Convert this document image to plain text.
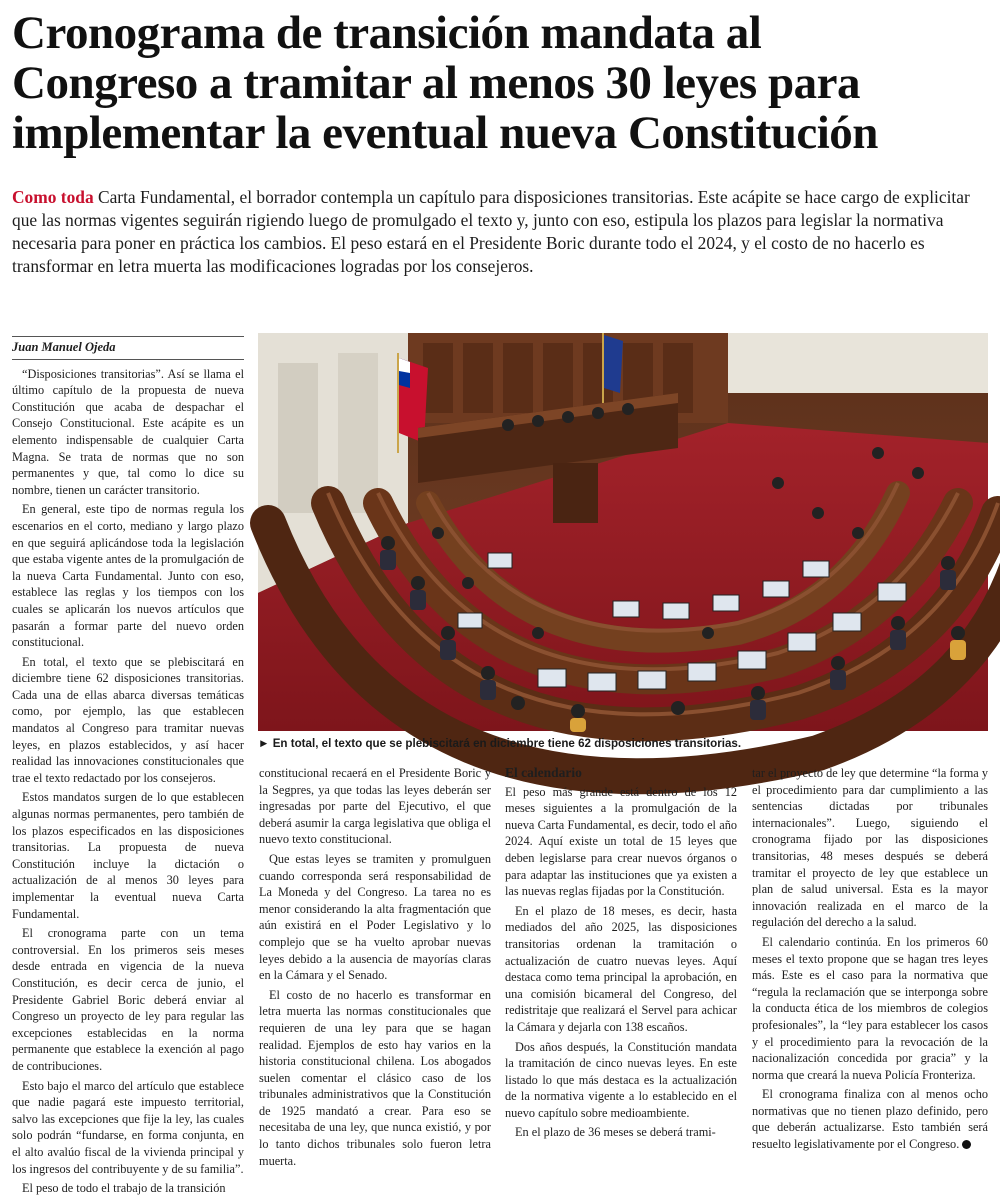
Cronograma de transición mandata al
Congreso a tramitar al menos 30 leyes para
implementar la eventual nueva Constitución

Como toda Carta Fundamental, el borrador contempla un capítulo para disposiciones transitorias. Este acápite se hace cargo de explicitar que las normas vigentes seguirán rigiendo luego de promulgado el texto y, junto con eso, estipula los plazos para legislar la normativa necesaria para poner en práctica los cambios. El peso estará en el Presidente Boric durante todo el 2024, y el costo de no hacerlo es transformar en letra muerta las modificaciones logradas por los consejeros.

Juan Manuel Ojeda

“Disposiciones transitorias”. Así se llama el último capítulo de la propuesta de nueva Constitución que acaba de despachar el Consejo Constitucional. Este acápite es un elemento indispensable de cualquier Carta Magna. Se trata de normas que no son permanentes y que, tal como lo dice su nombre, tienen un carácter transitorio.

En general, este tipo de normas regula los escenarios en el corto, mediano y largo plazo en que seguirá aplicándose toda la legislación que estaba vigente antes de la promulgación de la nueva Carta Fundamental. Junto con eso, establece las reglas y los tiempos con los cuales se aplicarán los nuevos artículos que pasarán a formar parte del nuevo orden constitucional.

En total, el texto que se plebiscitará en diciembre tiene 62 disposiciones transitorias. Cada una de ellas abarca diversas temáticas como, por ejemplo, las que establecen mandatos al Congreso para tramitar nuevas leyes, en plazos establecidos, y así hacer realidad las innovaciones constitucionales que trae el texto redactado por los consejeros.

Estos mandatos surgen de lo que establecen algunas normas permanentes, pero también de los plazos especificados en las disposiciones transitorias. La propuesta de nueva Constitución incluye la dictación o actualización de al menos 30 leyes para implementar la eventual nueva Carta Fundamental.

El cronograma parte con un tema controversial. En los primeros seis meses desde entrada en vigencia de la nueva Constitución, es decir cerca de junio, el Presidente Gabriel Boric deberá enviar al Congreso un proyecto de ley para regular las excepciones establecidas en la norma permanente que establece la exención al pago de contribuciones.

Esto bajo el marco del artículo que establece que nadie pagará este impuesto territorial, salvo las excepciones que fije la ley, las cuales solo podrán “fundarse, en forma conjunta, en el alto avalúo fiscal de la vivienda principal y los ingresos del contribuyente y de su familia”.

El peso de todo el trabajo de la transición

► En total, el texto que se plebiscitará en diciembre tiene 62 disposiciones transitorias.

constitucional recaerá en el Presidente Boric y la Segpres, ya que todas las leyes deberán ser ingresadas por parte del Ejecutivo, el que deberá asumir la carga legislativa que obliga el nuevo texto constitucional.

Que estas leyes se tramiten y promulguen cuando corresponda será responsabilidad de La Moneda y del Congreso. La tarea no es menor considerando la alta fragmentación que aún existirá en el Poder Legislativo y lo complejo que se ha vuelto aprobar nuevas leyes debido a la ausencia de mayorías claras en la Cámara y el Senado.

El costo de no hacerlo es transformar en letra muerta las normas constitucionales que requieren de una ley para que se hagan realidad. Ejemplos de esto hay varios en la historia constitucional chilena. Los abogados suelen comentar el clásico caso de los tribunales administrativos que la Constitución de 1925 mandató a crear. Para eso se necesitaba de una ley, que nunca existió, y por lo tanto dichos tribunales solo fueron letra muerta.

El calendario

El peso más grande está dentro de los 12 meses siguientes a la promulgación de la nueva Carta Fundamental, es decir, todo el año 2024. Aquí existe un total de 15 leyes que deben legislarse para crear nuevos órganos o para adaptar las instituciones que ya existen a las nuevas reglas fijadas por la Constitución.

En el plazo de 18 meses, es decir, hasta mediados del año 2025, las disposiciones transitorias ordenan la tramitación o actualización de cuatro nuevas leyes. Aquí destaca como tema principal la aprobación, en una comisión bicameral del Congreso, del redistritaje que realizará el Servel para achicar la Cámara y dejarla con 138 escaños.

Dos años después, la Constitución mandata la tramitación de cinco nuevas leyes. En este listado lo que más destaca es la actualización de la normativa vigente a lo establecido en el nuevo capítulo sobre medioambiente.

En el plazo de 36 meses se deberá trami-

tar el proyecto de ley que determine “la forma y el procedimiento para dar cumplimiento a las sentencias dictadas por tribunales internacionales”. Luego, siguiendo el cronograma fijado por las disposiciones transitorias, 48 meses después se deberá tramitar el proyecto de ley que establece un plan de salud universal. Esta es la mayor innovación realizada en el marco de la regulación del derecho a la salud.

El calendario continúa. En los primeros 60 meses el texto propone que se hagan tres leyes más. Este es el caso para la normativa que “regula la reclamación que se interponga sobre la conducta ética de los miembros de colegios profesionales”, la “ley para establecer los casos y el procedimiento para la revocación de la nacionalización concedida por gracia” y la norma que creará la nueva Policía Fronteriza.

El cronograma finaliza con al menos ocho normativas que no tienen plazo definido, pero que deberán actualizarse. Esto también será resuelto legislativamente por el Congreso.
